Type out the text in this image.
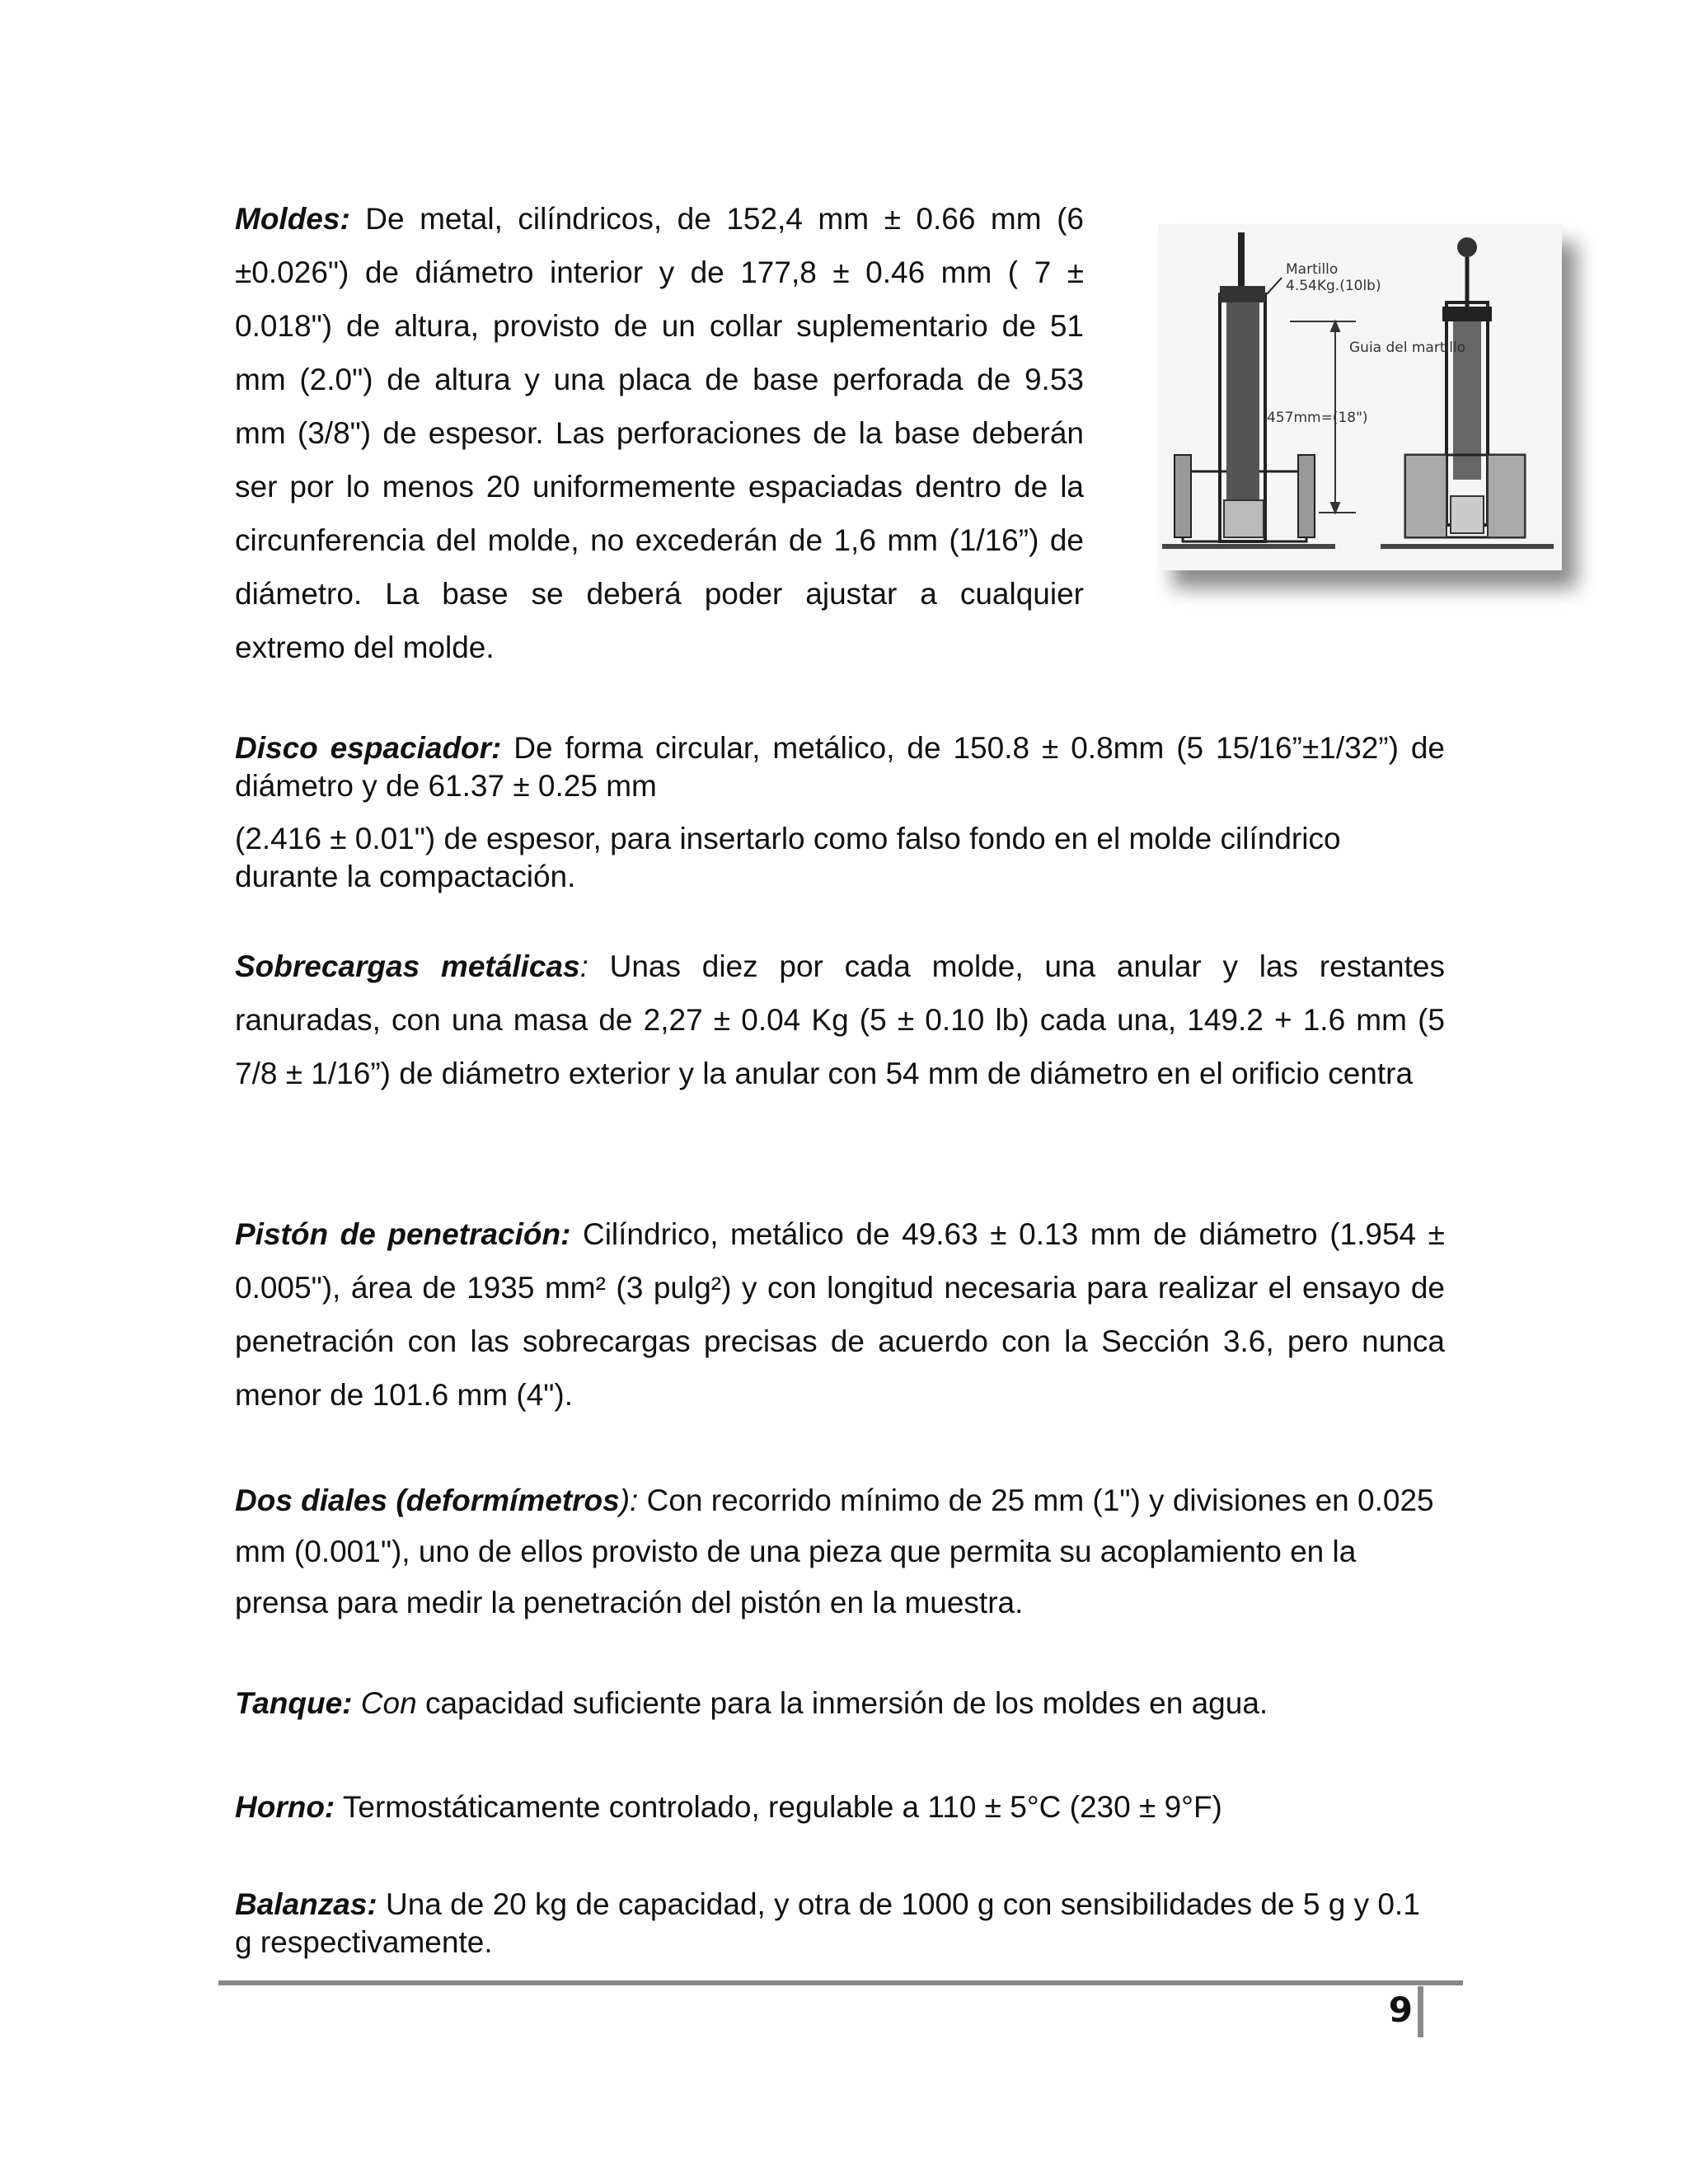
Moldes: De metal, cilíndricos, de 152,4 mm ± 0.66 mm (6 ±0.026") de diámetro interior y de 177,8 ± 0.46 mm ( 7 ± 0.018") de altura, provisto de un collar suplementario de 51 mm (2.0") de altura y una placa de base perforada de 9.53 mm (3/8") de espesor. Las perforaciones de la base deberán ser por lo menos 20 uniformemente espaciadas dentro de la circunferencia del molde, no excederán de 1,6 mm (1/16”) de diámetro. La base se deberá poder ajustar a cualquier extremo del molde.

Martillo
4.54Kg.(10lb)
Guia del martillo
457mm=(18")

Disco espaciador: De forma circular, metálico, de 150.8 ± 0.8mm (5 15/16”±1/32”) de diámetro y de 61.37 ± 0.25 mm

(2.416 ± 0.01") de espesor, para insertarlo como falso fondo en el molde cilíndrico durante la compactación.

Sobrecargas metálicas: Unas diez por cada molde, una anular y las restantes ranuradas, con una masa de 2,27 ± 0.04 Kg (5 ± 0.10 lb) cada una, 149.2 + 1.6 mm (5 7/8 ± 1/16”) de diámetro exterior y la anular con 54 mm de diámetro en el orificio centra

Pistón de penetración: Cilíndrico, metálico de 49.63 ± 0.13 mm de diámetro (1.954 ± 0.005"), área de 1935 mm² (3 pulg²) y con longitud necesaria para realizar el ensayo de penetración con las sobrecargas precisas de acuerdo con la Sección 3.6, pero nunca menor de 101.6 mm (4").

Dos diales (deformímetros): Con recorrido mínimo de 25 mm (1") y divisiones en 0.025 mm (0.001"), uno de ellos provisto de una pieza que permita su acoplamiento en la prensa para medir la penetración del pistón en la muestra.

Tanque: Con capacidad suficiente para la inmersión de los moldes en agua.

Horno: Termostáticamente controlado, regulable a 110 ± 5°C (230 ± 9°F)

Balanzas: Una de 20 kg de capacidad, y otra de 1000 g con sensibilidades de 5 g y 0.1 g respectivamente.

9
